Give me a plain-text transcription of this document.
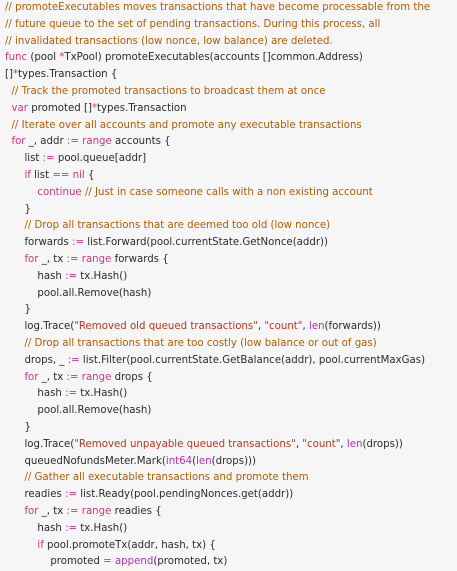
// promoteExecutables moves transactions that have become processable from the
// future queue to the set of pending transactions. During this process, all
// invalidated transactions (low nonce, low balance) are deleted.
func (pool *TxPool) promoteExecutables(accounts []common.Address)
[]*types.Transaction {
// Track the promoted transactions to broadcast them at once
var promoted []*types.Transaction
// Iterate over all accounts and promote any executable transactions
for _, addr := range accounts {
list := pool.queue[addr]
if list == nil {
continue // Just in case someone calls with a non existing account
}
// Drop all transactions that are deemed too old (low nonce)
forwards := list.Forward(pool.currentState.GetNonce(addr))
for _, tx := range forwards {
hash := tx.Hash()
pool.all.Remove(hash)
}
log.Trace("Removed old queued transactions", "count", len(forwards))
// Drop all transactions that are too costly (low balance or out of gas)
drops, _ := list.Filter(pool.currentState.GetBalance(addr), pool.currentMaxGas)
for _, tx := range drops {
hash := tx.Hash()
pool.all.Remove(hash)
}
log.Trace("Removed unpayable queued transactions", "count", len(drops))
queuedNofundsMeter.Mark(int64(len(drops)))
// Gather all executable transactions and promote them
readies := list.Ready(pool.pendingNonces.get(addr))
for _, tx := range readies {
hash := tx.Hash()
if pool.promoteTx(addr, hash, tx) {
promoted = append(promoted, tx)
